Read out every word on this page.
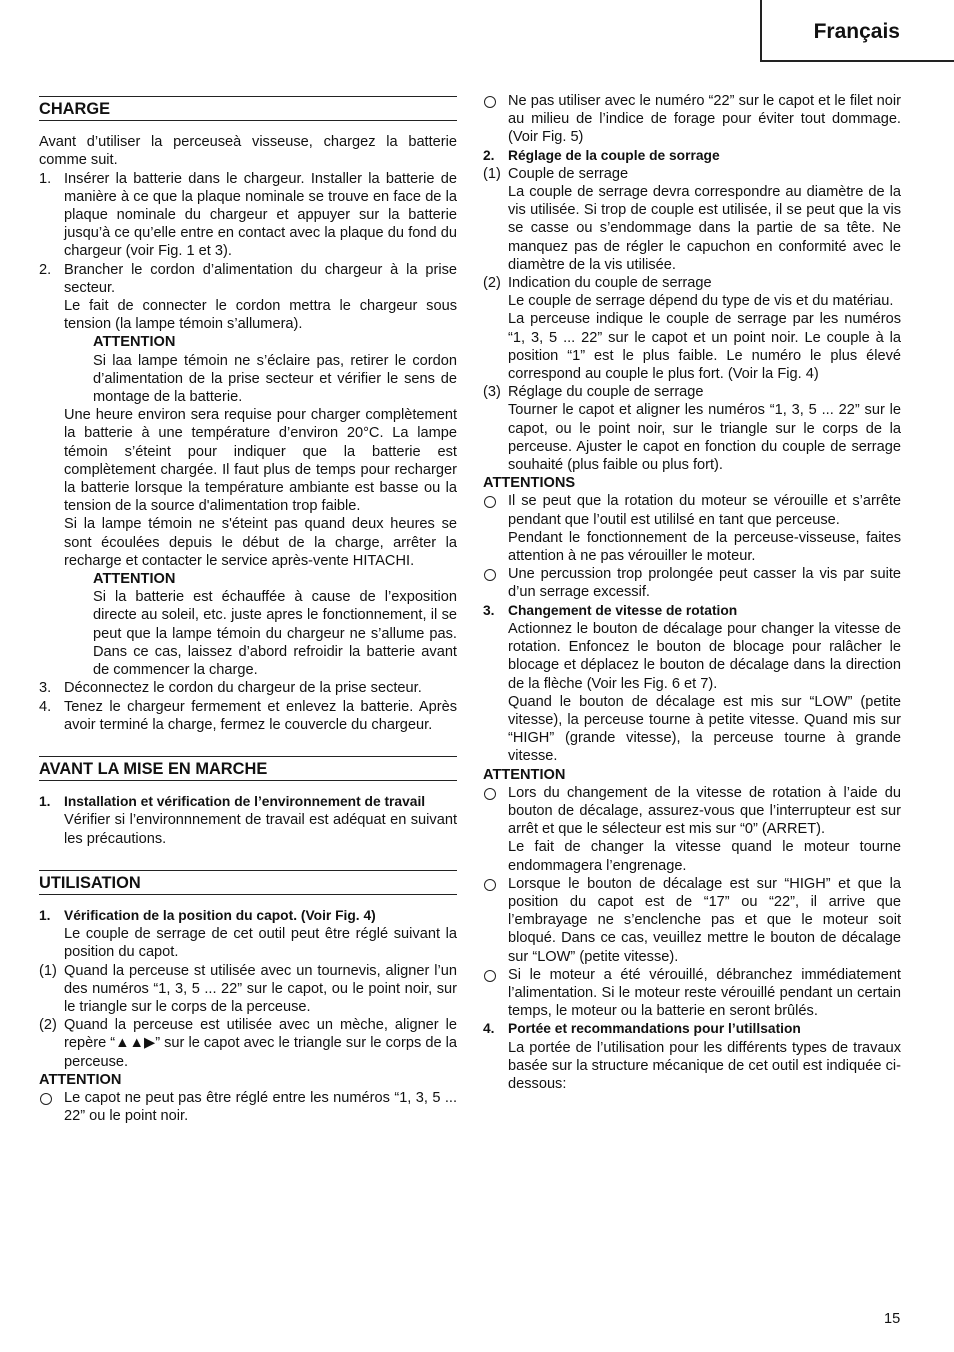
Français
CHARGE

Avant d’utiliser la perceuseà visseuse, chargez la batterie comme suit.

1. Insérer la batterie dans le chargeur. Installer la batterie de manière à ce que la plaque nominale se trouve en face de la plaque nominale du chargeur et appuyer sur la batterie jusqu’à ce qu’elle entre en contact avec la plaque du fond du chargeur (voir Fig. 1 et 3).
2. Brancher le cordon d’alimentation du chargeur à la prise secteur.

Le fait de connecter le cordon mettra le chargeur sous tension (la lampe témoin s’allumera).

ATTENTION

Si laa lampe témoin ne s’éclaire pas, retirer le cordon d’alimentation de la prise secteur et vérifier le sens de montage de la batterie.

Une heure environ sera requise pour charger complètement la batterie à une température d’environ 20°C. La lampe témoin s’éteint pour indiquer que la batterie est complètement chargée. Il faut plus de temps pour recharger la batterie lorsque la température ambiante est basse ou la tension de la source d'alimentation trop faible.

Si la lampe témoin ne s'éteint pas quand deux heures se sont écoulées depuis le début de la charge, arrêter la recharge et contacter le service après-vente HITACHI.

ATTENTION

Si la batterie est échauffée à cause de l’exposition directe au soleil, etc. juste apres le fonctionnement, il se peut que la lampe témoin du chargeur ne s’allume pas. Dans ce cas, laissez d’abord refroidir la batterie avant de commencer la charge.

3. Déconnectez le cordon du chargeur de la prise secteur.
4. Tenez le chargeur fermement et enlevez la batterie. Après avoir terminé la charge, fermez le couvercle du chargeur.
AVANT LA MISE EN MARCHE
1. Installation et vérification de l’environnement de travail

Vérifier si l’environnnement de travail est adéquat en suivant les précautions.

UTILISATION
1. Vérification de la position du capot. (Voir Fig. 4)

Le couple de serrage de cet outil peut être réglé suivant la position du capot.

(1) Quand la perceuse st utilisée avec un tournevis, aligner l’un des numéros “1, 3, 5 ... 22” sur le capot, ou le point noir, sur le triangle sur le corps de la perceuse.
(2) Quand la perceuse est utilisée avec un mèche, aligner le repère “▲▲▶” sur le capot avec le triangle sur le corps de la perceuse.

ATTENTION

Le capot ne peut pas être réglé entre les numéros “1, 3, 5 ... 22” ou le point noir.
Ne pas utiliser avec le numéro “22” sur le capot et le filet noir au milieu de l’indice de forage pour éviter tout dommage. (Voir Fig. 5)
2. Réglage de la couple de sorrage
(1) Couple de serrage

La couple de serrage devra correspondre au diamètre de la vis utilisée. Si trop de couple est utilisée, il se peut que la vis se casse ou s’endommage dans la partie de sa tête. Ne manquez pas de régler le capuchon en conformité avec le diamètre de la vis utilisée.

(2) Indication du couple de serrage

Le couple de serrage dépend du type de vis et du matériau.

La perceuse indique le couple de serrage par les numéros “1, 3, 5 ... 22” sur le capot et un point noir. Le couple à la position “1” est le plus faible. Le numéro le plus élevé correspond au couple le plus fort. (Voir la Fig. 4)

(3) Réglage du couple de serrage

Tourner le capot et aligner les numéros “1, 3, 5 ... 22” sur le capot, ou le point noir, sur le triangle sur le corps de la perceuse. Ajuster le capot en fonction du couple de serrage souhaité (plus faible ou plus fort).

ATTENTIONS

Il se peut que la rotation du moteur se vérouille et s’arrête pendant que l’outil est utililsé en tant que perceuse.

Pendant le fonctionnement de la perceuse-visseuse, faites attention à ne pas vérouiller le moteur.

Une percussion trop prolongée peut casser la vis par suite d’un serrage excessif.
3. Changement de vitesse de rotation

Actionnez le bouton de décalage pour changer la vitesse de rotation. Enfoncez le bouton de blocage pour ralâcher le blocage et déplacez le bouton de décalage dans la direction de la flèche (Voir les Fig. 6 et 7).

Quand le bouton de décalage est mis sur “LOW” (petite vitesse), la perceuse tourne à petite vitesse. Quand mis sur “HIGH” (grande vitesse), la perceuse tourne à grande vitesse.

ATTENTION

Lors du changement de la vitesse de rotation à l’aide du bouton de décalage, assurez-vous que l’interrupteur est sur arrêt et que le sélecteur est mis sur “0” (ARRET).

Le fait de changer la vitesse quand le moteur tourne endommagera l’engrenage.

Lorsque le bouton de décalage est sur “HIGH” et que la position du capot est de “17” ou “22”, il arrive que l’embrayage ne s’enclenche pas et que le moteur soit bloqué. Dans ce cas, veuillez mettre le bouton de décalage sur “LOW” (petite vitesse).
Si le moteur a été vérouillé, débranchez immédiatement l’alimentation. Si le moteur reste vérouillé pendant un certain temps, le moteur ou la batterie en seront brûlés.
4. Portée et recommandations pour l’utillsation

La portée de l’utilisation pour les différents types de travaux basée sur la structure mécanique de cet outil est indiquée ci-dessous:

15
